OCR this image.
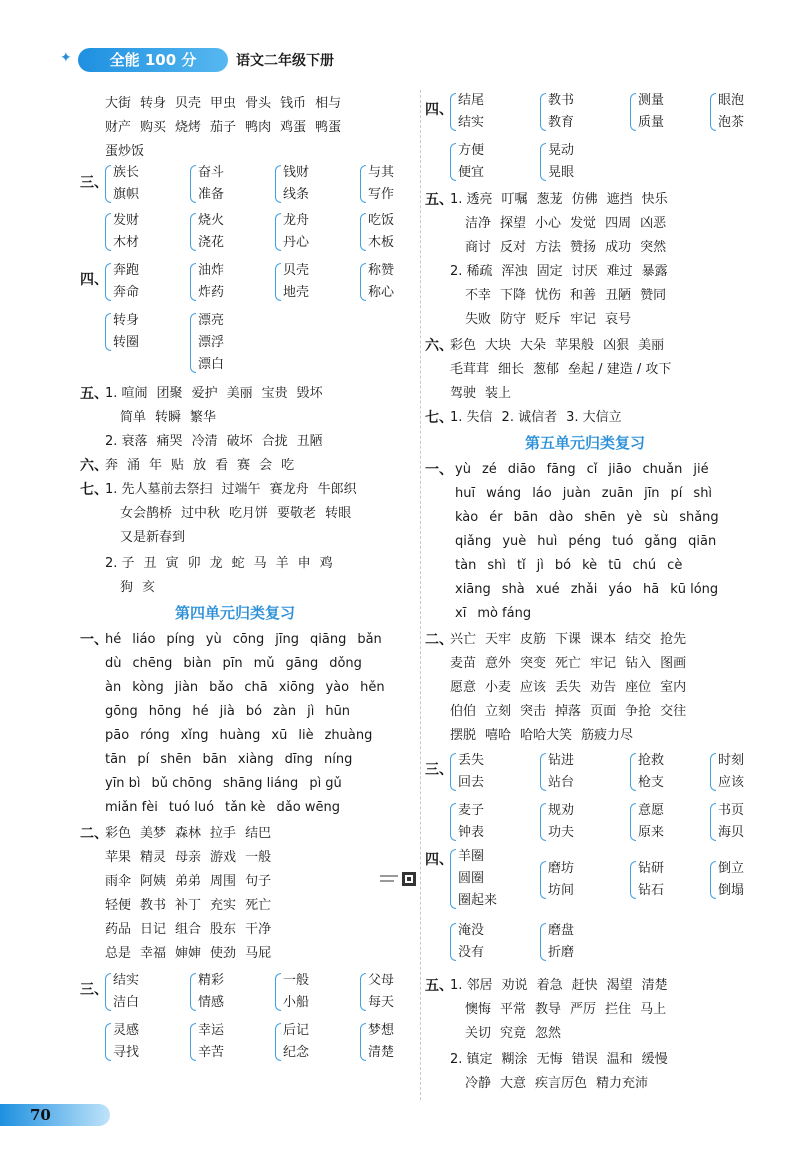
✦	全能 100 分	语文二年级下册
大街 转身 贝壳 甲虫 骨头 钱币 相与
财产 购买 烧烤 茄子 鸭肉 鸡蛋 鸭蛋
蛋炒饭
三、
族长
旗帜
奋斗
准备
钱财
线条
与其
写作
发财
木材
烧火
浇花
龙舟
丹心
吃饭
木板
四、
奔跑
奔命
油炸
炸药
贝壳
地壳
称赞
称心
转身
转圈
漂亮
漂浮
漂白
五、
1. 喧闹 团聚 爱护 美丽 宝贵 毁坏
简单 转瞬 繁华
2. 衰落 痛哭 冷清 破坏 合拢 丑陋
六、
奔 涌 年 贴 放 看 赛 会 吃
七、
1. 先人墓前去祭扫 过端午 赛龙舟 牛郎织
女会鹊桥 过中秋 吃月饼 要敬老 转眼
又是新春到
2. 子 丑 寅 卯 龙 蛇 马 羊 申 鸡
狗 亥
第四单元归类复习
一、
hé liáo píng yù cōng jīng qiāng bǎn
dù chēng biàn pīn mǔ gāng dǒng
àn kòng jiàn bǎo chā xiōng yào hěn
gōng hōng hé jià bó zàn jì hūn
pāo róng xǐng huàng xū liè zhuàng
tān pí shēn bān xiàng dīng níng
yīn bì bǔ chōng shāng liáng pì gǔ
miǎn fèi tuó luó tǎn kè dǎo wēng
二、
彩色 美梦 森林 拉手 结巴
苹果 精灵 母亲 游戏 一般
雨伞 阿姨 弟弟 周围 句子
轻便 教书 补丁 充实 死亡
药品 日记 组合 股东 干净
总是 幸福 婶婶 使劲 马屁
三、
结实
洁白
精彩
情感
一般
小船
父母
每天
灵感
寻找
幸运
辛苦
后记
纪念
梦想
清楚
四、
结尾
结实
教书
教育
测量
质量
眼泡
泡茶
方便
便宜
晃动
晃眼
五、
1. 透亮 叮嘱 葱茏 仿佛 遮挡 快乐
洁净 探望 小心 发觉 四周 凶恶
商讨 反对 方法 赞扬 成功 突然
2. 稀疏 浑浊 固定 讨厌 难过 暴露
不幸 下降 忧伤 和善 丑陋 赞同
失败 防守 贬斥 牢记 哀号
六、
彩色 大块 大朵 苹果般 凶狠 美丽
毛茸茸 细长 葱郁 垒起 / 建造 / 攻下
驾驶 装上
七、
1. 失信 2. 诚信者 3. 大信立
第五单元归类复习
一、 yù zé diāo fāng cǐ jiāo chuǎn jié
huī wáng láo juàn zuān jīn pí shì
kào ér bān dào shēn yè sù shǎng
qiǎng yuè huì péng tuó gǎng qiān
tàn shì tǐ jì bó kè tū chú cè
xiāng shà xué zhǎi yáo hā kū lóng
xī mò fáng
二、
兴亡 天牢 皮筋 下课 课本 结交 抢先
麦苗 意外 突变 死亡 牢记 钻入 图画
愿意 小麦 应该 丢失 劝告 座位 室内
伯伯 立刻 突击 掉落 页面 争抢 交往
摆脱 嘻哈 哈哈大笑 筋疲力尽
三、
丢失
回去
钻进
站台
抢救
枪支
时刻
应该
麦子
钟表
规劝
功夫
意愿
原来
书页
海贝
四、 羊圈
圆圈
圈起来
磨坊
坊间
钻研
钻石
倒立
倒塌
淹没
没有
磨盘
折磨
五、
1. 邻居 劝说 着急 赶快 渴望 清楚
懊悔 平常 教导 严厉 拦住 马上
关切 究竟 忽然
2. 镇定 糊涂 无悔 错误 温和 缓慢
冷静 大意 疾言厉色 精力充沛
70
